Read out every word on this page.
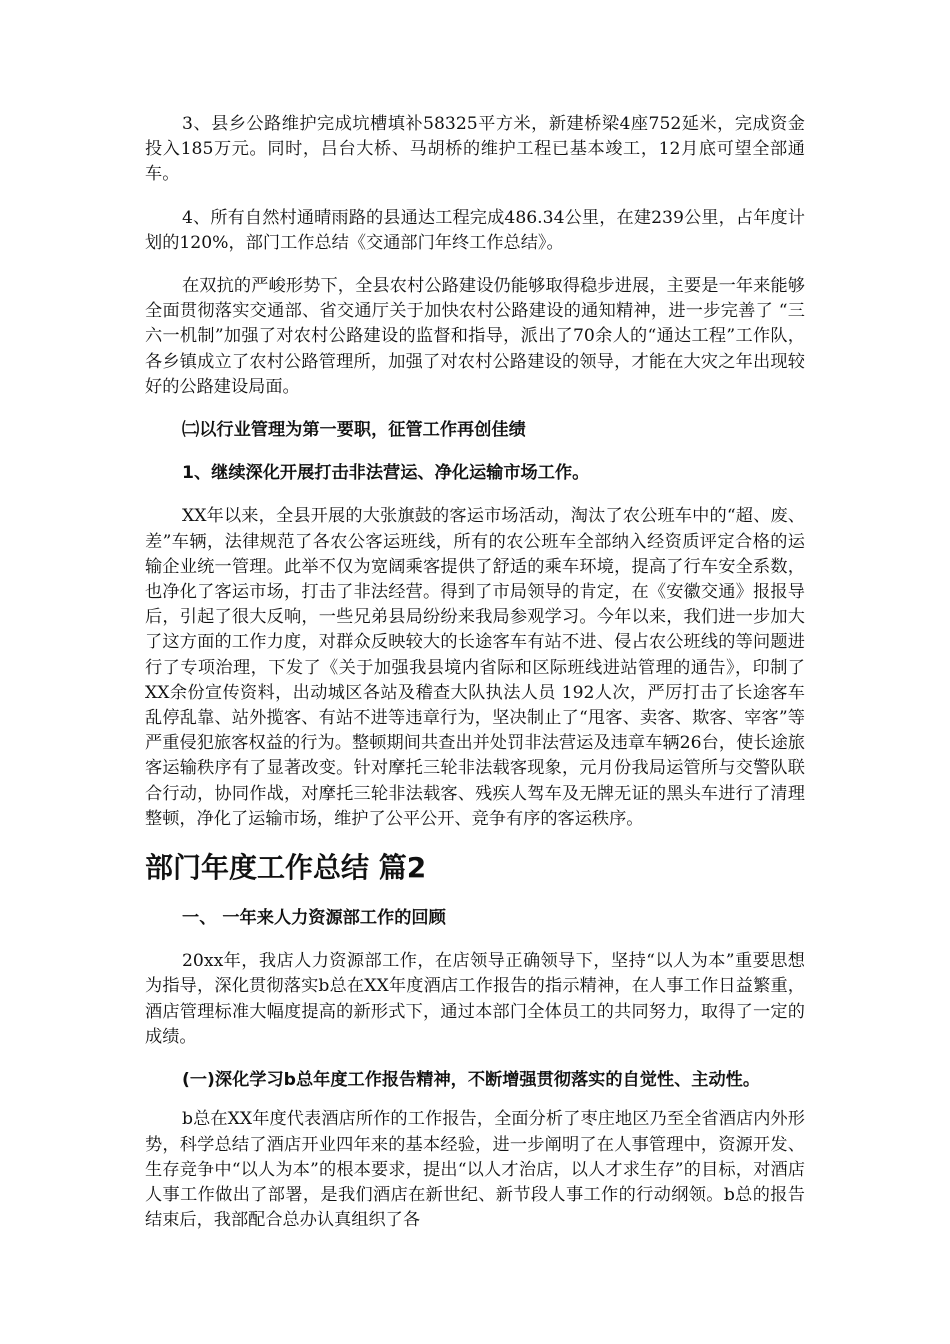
3、县乡公路维护完成坑槽填补58325平方米，新建桥梁4座752延米，完成资金投入185万元。同时，吕台大桥、马胡桥的维护工程已基本竣工，12月底可望全部通车。

4、所有自然村通晴雨路的县通达工程完成486.34公里，在建239公里，占年度计划的120%，部门工作总结《交通部门年终工作总结》。

在双抗的严峻形势下，全县农村公路建设仍能够取得稳步进展，主要是一年来能够全面贯彻落实交通部、省交通厅关于加快农村公路建设的通知精神，进一步完善了 “三六一机制”加强了对农村公路建设的监督和指导，派出了70余人的“通达工程”工作队，各乡镇成立了农村公路管理所，加强了对农村公路建设的领导，才能在大灾之年出现较好的公路建设局面。

㈡以行业管理为第一要职，征管工作再创佳绩

1、继续深化开展打击非法营运、净化运输市场工作。

XX年以来，全县开展的大张旗鼓的客运市场活动，淘汰了农公班车中的“超、废、差”车辆，法律规范了各农公客运班线，所有的农公班车全部纳入经资质评定合格的运输企业统一管理。此举不仅为宽阔乘客提供了舒适的乘车环境，提高了行车安全系数，也净化了客运市场，打击了非法经营。得到了市局领导的肯定，在《安徽交通》报报导后，引起了很大反响，一些兄弟县局纷纷来我局参观学习。今年以来，我们进一步加大了这方面的工作力度，对群众反映较大的长途客车有站不进、侵占农公班线的等问题进行了专项治理，下发了《关于加强我县境内省际和区际班线进站管理的通告》，印制了XX余份宣传资料，出动城区各站及稽查大队执法人员 192人次，严厉打击了长途客车乱停乱靠、站外揽客、有站不进等违章行为，坚决制止了“甩客、卖客、欺客、宰客”等严重侵犯旅客权益的行为。整顿期间共查出并处罚非法营运及违章车辆26台，使长途旅客运输秩序有了显著改变。针对摩托三轮非法载客现象，元月份我局运管所与交警队联合行动，协同作战，对摩托三轮非法载客、残疾人驾车及无牌无证的黑头车进行了清理整顿，净化了运输市场，维护了公平公开、竞争有序的客运秩序。

部门年度工作总结 篇2

一、 一年来人力资源部工作的回顾

20xx年，我店人力资源部工作，在店领导正确领导下，坚持“以人为本”重要思想为指导，深化贯彻落实b总在XX年度酒店工作报告的指示精神，在人事工作日益繁重，酒店管理标准大幅度提高的新形式下，通过本部门全体员工的共同努力，取得了一定的成绩。

(一)深化学习b总年度工作报告精神，不断增强贯彻落实的自觉性、主动性。

b总在XX年度代表酒店所作的工作报告，全面分析了枣庄地区乃至全省酒店内外形势，科学总结了酒店开业四年来的基本经验，进一步阐明了在人事管理中，资源开发、生存竞争中“以人为本”的根本要求，提出“以人才治店，以人才求生存”的目标，对酒店人事工作做出了部署，是我们酒店在新世纪、新节段人事工作的行动纲领。b总的报告结束后，我部配合总办认真组织了各
